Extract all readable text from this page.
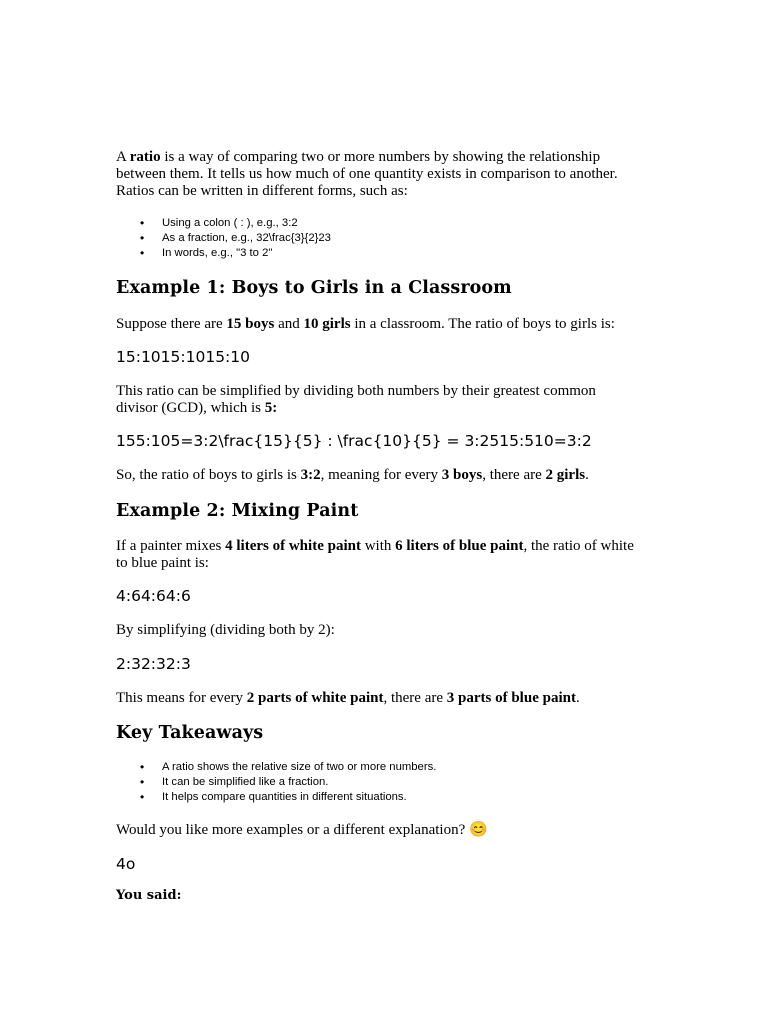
A ratio is a way of comparing two or more numbers by showing the relationship
between them. It tells us how much of one quantity exists in comparison to another.
Ratios can be written in different forms, such as:

• Using a colon ( : ), e.g., 3:2
• As a fraction, e.g., 32\frac{3}{2}23
• In words, e.g., "3 to 2"
Example 1: Boys to Girls in a Classroom

Suppose there are 15 boys and 10 girls in a classroom. The ratio of boys to girls is:

15:1015:1015:10

This ratio can be simplified by dividing both numbers by their greatest common
divisor (GCD), which is 5:

155:105=3:2\frac{15}{5} : \frac{10}{5} = 3:2515:510=3:2

So, the ratio of boys to girls is 3:2, meaning for every 3 boys, there are 2 girls.

Example 2: Mixing Paint

If a painter mixes 4 liters of white paint with 6 liters of blue paint, the ratio of white
to blue paint is:

4:64:64:6

By simplifying (dividing both by 2):

2:32:32:3

This means for every 2 parts of white paint, there are 3 parts of blue paint.

Key Takeaways
• A ratio shows the relative size of two or more numbers.
• It can be simplified like a fraction.
• It helps compare quantities in different situations.

Would you like more examples or a different explanation? 😊

4o

You said:
